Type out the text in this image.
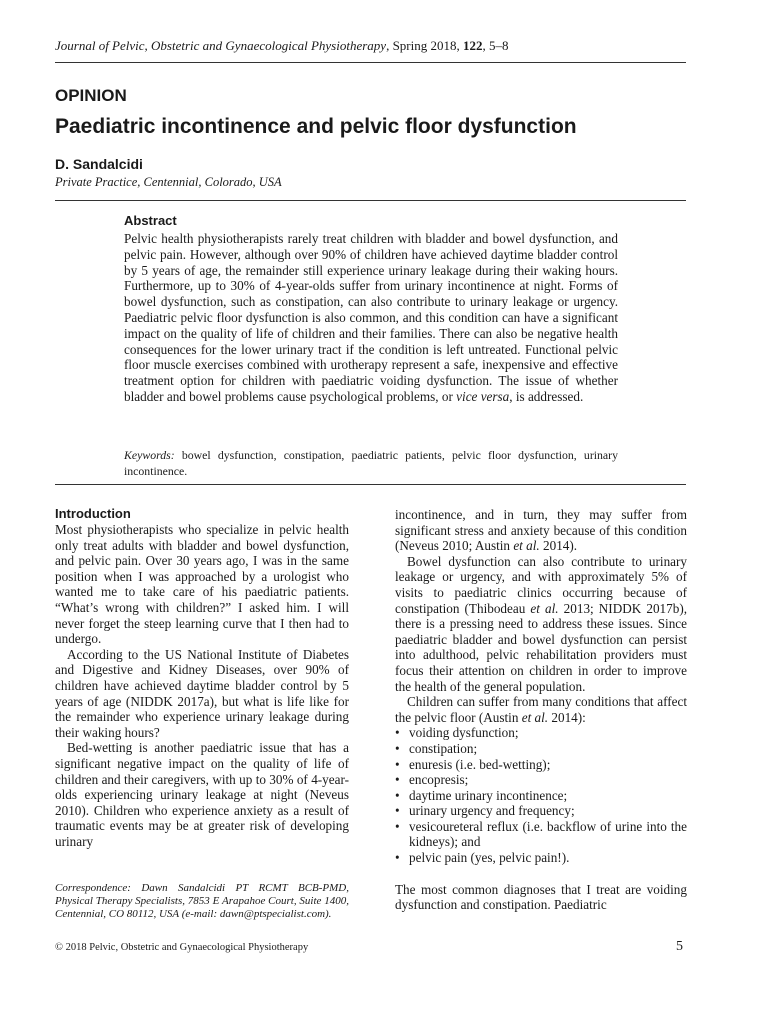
Journal of Pelvic, Obstetric and Gynaecological Physiotherapy, Spring 2018, 122, 5–8
OPINION
Paediatric incontinence and pelvic floor dysfunction
D. Sandalcidi
Private Practice, Centennial, Colorado, USA
Abstract
Pelvic health physiotherapists rarely treat children with bladder and bowel dysfunction, and pelvic pain. However, although over 90% of children have achieved daytime bladder control by 5 years of age, the remainder still experience urinary leakage during their waking hours. Furthermore, up to 30% of 4-year-olds suffer from urinary incontinence at night. Forms of bowel dysfunction, such as constipation, can also contribute to urinary leakage or urgency. Paediatric pelvic floor dysfunction is also common, and this condition can have a significant impact on the quality of life of children and their families. There can also be negative health consequences for the lower urinary tract if the condition is left untreated. Functional pelvic floor muscle exercises combined with urotherapy represent a safe, inexpensive and effective treatment option for children with paediatric voiding dysfunction. The issue of whether bladder and bowel problems cause psychological problems, or vice versa, is addressed.
Keywords: bowel dysfunction, constipation, paediatric patients, pelvic floor dysfunction, urinary incontinence.
Introduction

Most physiotherapists who specialize in pelvic health only treat adults with bladder and bowel dysfunction, and pelvic pain. Over 30 years ago, I was in the same position when I was approached by a urologist who wanted me to take care of his paediatric patients. “What’s wrong with children?” I asked him. I will never forget the steep learning curve that I then had to undergo.

According to the US National Institute of Diabetes and Digestive and Kidney Diseases, over 90% of children have achieved daytime bladder control by 5 years of age (NIDDK 2017a), but what is life like for the remainder who experience urinary leakage during their waking hours?

Bed-wetting is another paediatric issue that has a significant negative impact on the quality of life of children and their caregivers, with up to 30% of 4-year-olds experiencing urinary leakage at night (Neveus 2010). Children who experience anxiety as a result of traumatic events may be at greater risk of developing urinary

incontinence, and in turn, they may suffer from significant stress and anxiety because of this condition (Neveus 2010; Austin et al. 2014).

Bowel dysfunction can also contribute to urinary leakage or urgency, and with approximately 5% of visits to paediatric clinics occurring because of constipation (Thibodeau et al. 2013; NIDDK 2017b), there is a pressing need to address these issues. Since paediatric bladder and bowel dysfunction can persist into adulthood, pelvic rehabilitation providers must focus their attention on children in order to improve the health of the general population.

Children can suffer from many conditions that affect the pelvic floor (Austin et al. 2014):

• voiding dysfunction;
• constipation;
• enuresis (i.e. bed-wetting);
• encopresis;
• daytime urinary incontinence;
• urinary urgency and frequency;
• vesicoureteral reflux (i.e. backflow of urine into the kidneys); and
• pelvic pain (yes, pelvic pain!).

The most common diagnoses that I treat are voiding dysfunction and constipation. Paediatric

Correspondence: Dawn Sandalcidi PT RCMT BCB-PMD, Physical Therapy Specialists, 7853 E Arapahoe Court, Suite 1400, Centennial, CO 80112, USA (e-mail: dawn@ptspecialist.com).
© 2018 Pelvic, Obstetric and Gynaecological Physiotherapy	5
